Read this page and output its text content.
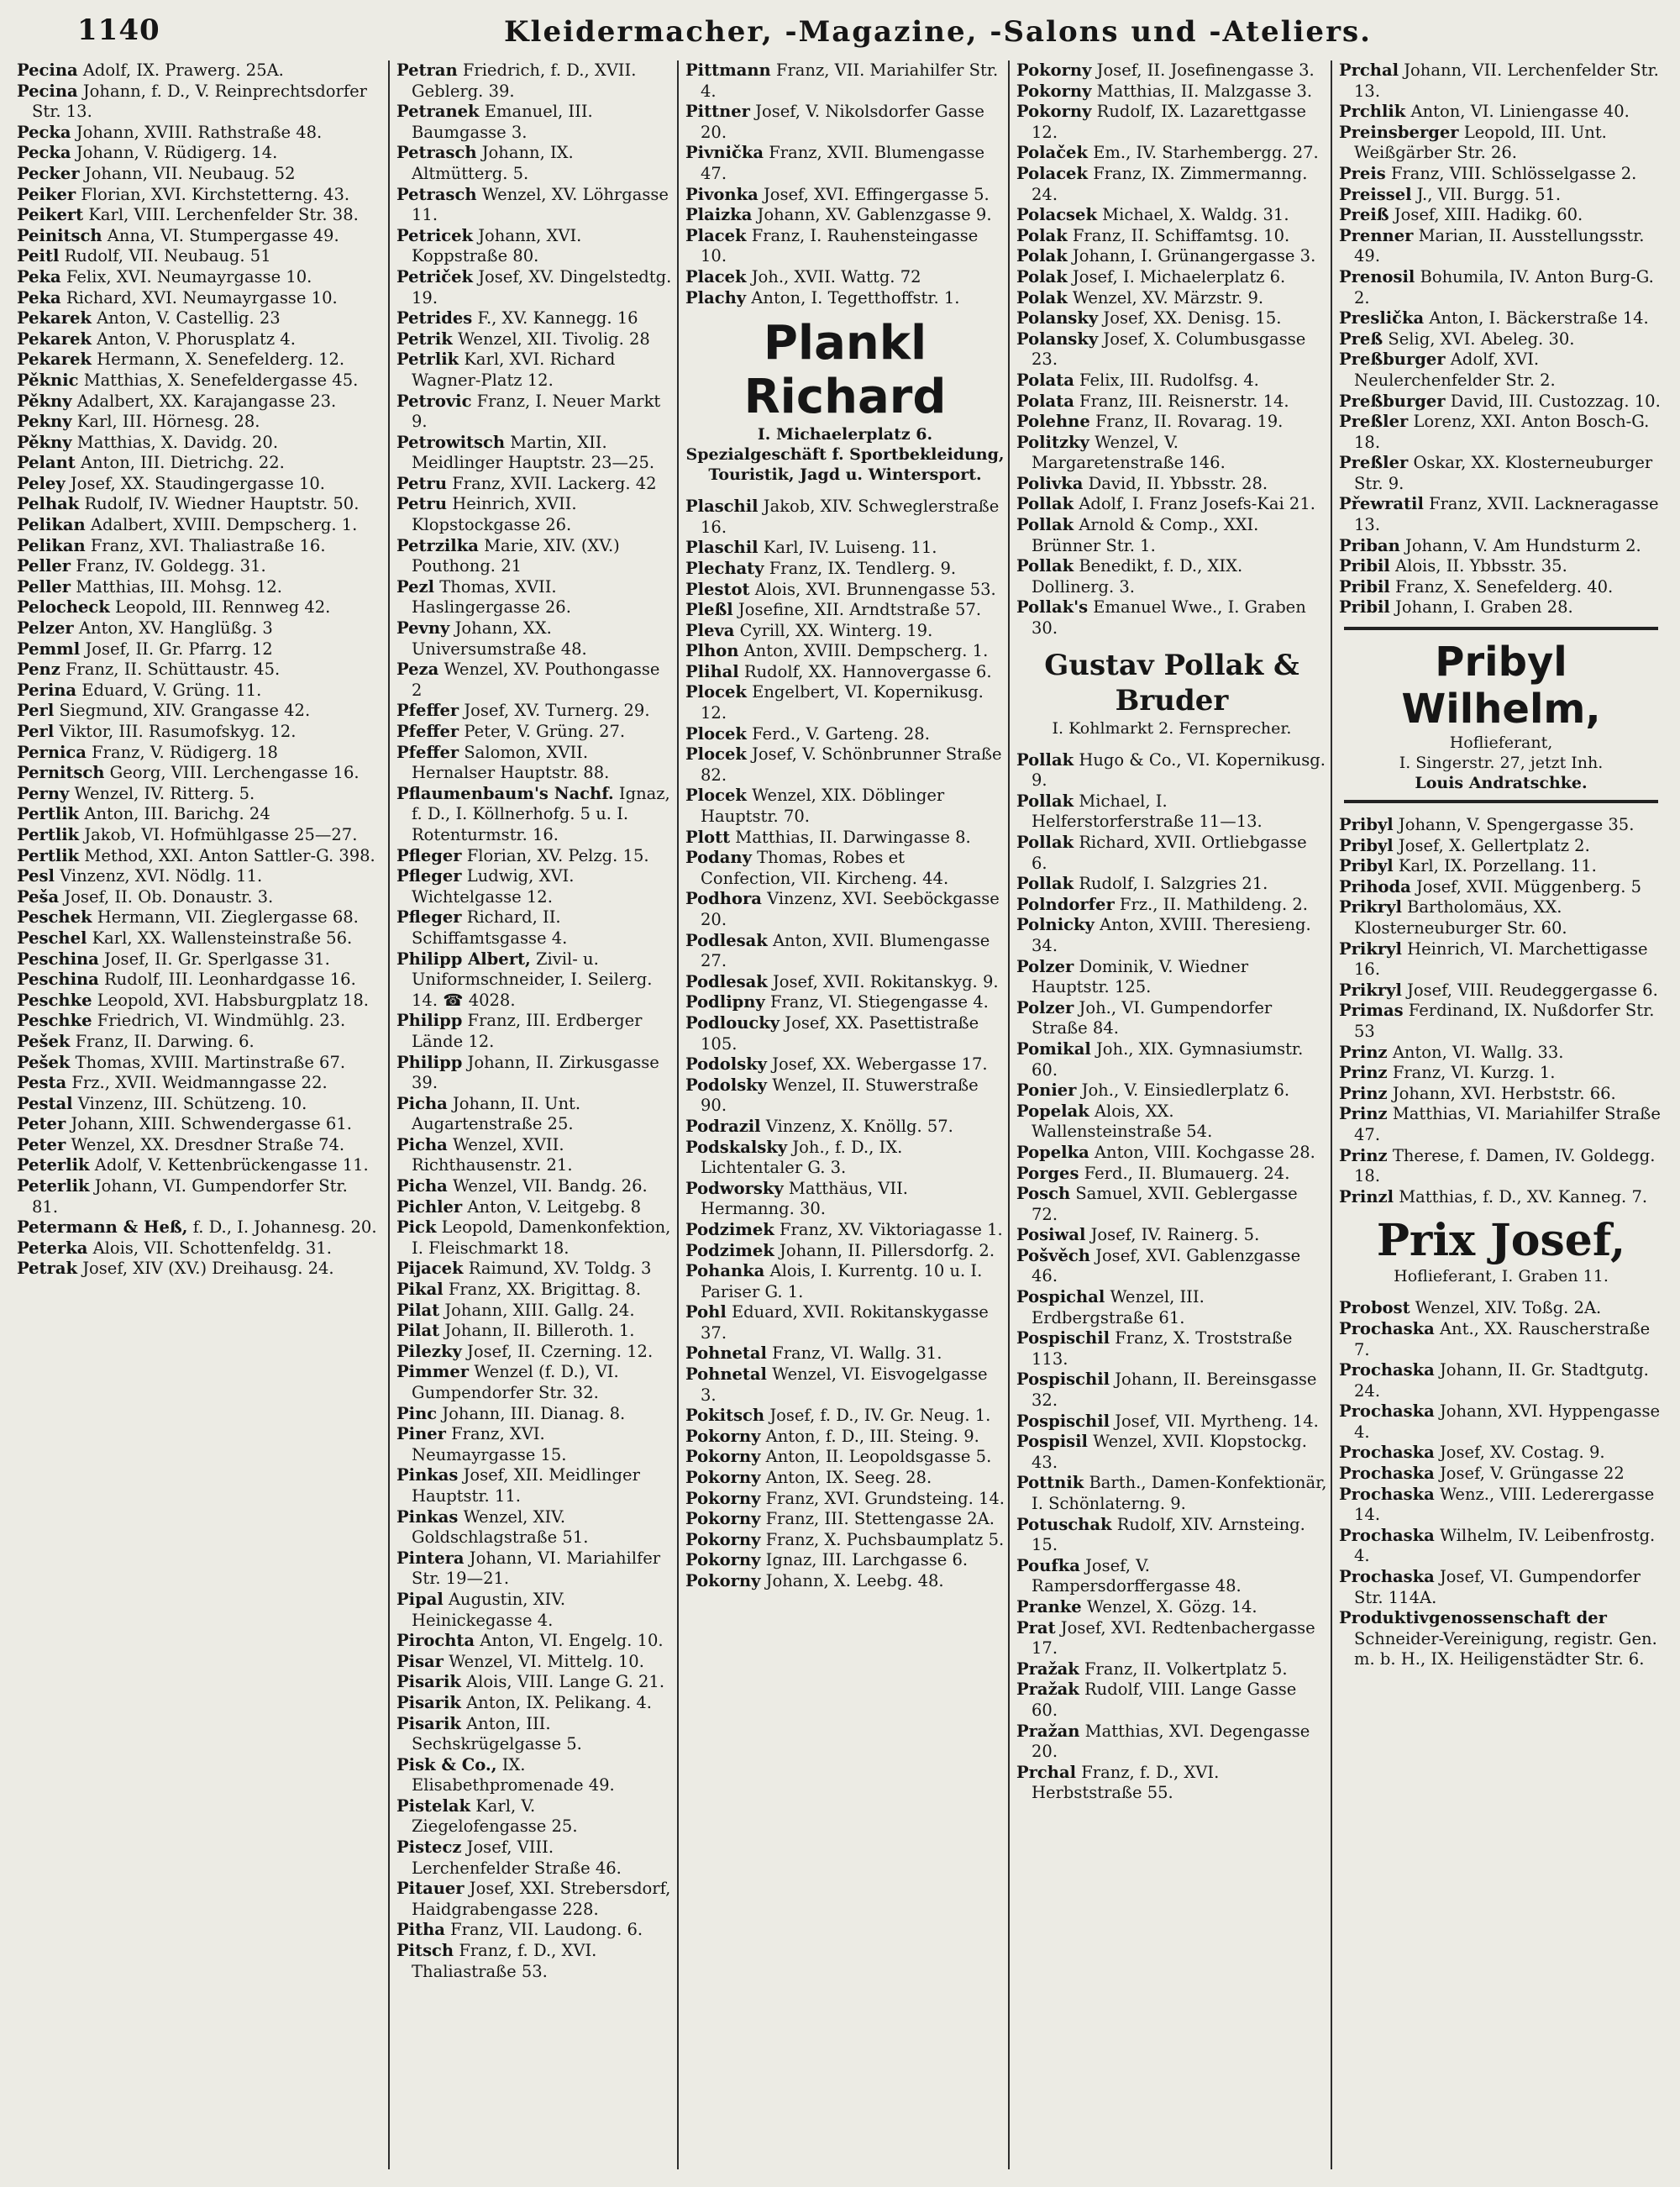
1140	Kleidermacher, -Magazine, -Salons und -Ateliers.

Pecina Adolf, IX. Prawerg. 25A.

Pecina Johann, f. D., V. Reinprechtsdorfer Str. 13.

Pecka Johann, XVIII. Rathstraße 48.

Pecka Johann, V. Rüdigerg. 14.

Pecker Johann, VII. Neubaug. 52

Peiker Florian, XVI. Kirchstetterng. 43.

Peikert Karl, VIII. Lerchenfelder Str. 38.

Peinitsch Anna, VI. Stumpergasse 49.

Peitl Rudolf, VII. Neubaug. 51

Peka Felix, XVI. Neumayrgasse 10.

Peka Richard, XVI. Neumayrgasse 10.

Pekarek Anton, V. Castellig. 23

Pekarek Anton, V. Phorusplatz 4.

Pekarek Hermann, X. Senefelderg. 12.

Pěknic Matthias, X. Senefeldergasse 45.

Pěkny Adalbert, XX. Karajangasse 23.

Pekny Karl, III. Hörnesg. 28.

Pěkny Matthias, X. Davidg. 20.

Pelant Anton, III. Dietrichg. 22.

Peley Josef, XX. Staudingergasse 10.

Pelhak Rudolf, IV. Wiedner Hauptstr. 50.

Pelikan Adalbert, XVIII. Dempscherg. 1.

Pelikan Franz, XVI. Thaliastraße 16.

Peller Franz, IV. Goldegg. 31.

Peller Matthias, III. Mohsg. 12.

Pelocheck Leopold, III. Rennweg 42.

Pelzer Anton, XV. Hanglüßg. 3

Pemml Josef, II. Gr. Pfarrg. 12

Penz Franz, II. Schüttaustr. 45.

Perina Eduard, V. Grüng. 11.

Perl Siegmund, XIV. Grangasse 42.

Perl Viktor, III. Rasumofskyg. 12.

Pernica Franz, V. Rüdigerg. 18

Pernitsch Georg, VIII. Lerchengasse 16.

Perny Wenzel, IV. Ritterg. 5.

Pertlik Anton, III. Barichg. 24

Pertlik Jakob, VI. Hofmühlgasse 25—27.

Pertlik Method, XXI. Anton Sattler-G. 398.

Pesl Vinzenz, XVI. Nödlg. 11.

Peša Josef, II. Ob. Donaustr. 3.

Peschek Hermann, VII. Zieglergasse 68.

Peschel Karl, XX. Wallensteinstraße 56.

Peschina Josef, II. Gr. Sperlgasse 31.

Peschina Rudolf, III. Leonhardgasse 16.

Peschke Leopold, XVI. Habsburgplatz 18.

Peschke Friedrich, VI. Windmühlg. 23.

Pešek Franz, II. Darwing. 6.

Pešek Thomas, XVIII. Martinstraße 67.

Pesta Frz., XVII. Weidmanngasse 22.

Pestal Vinzenz, III. Schützeng. 10.

Peter Johann, XIII. Schwendergasse 61.

Peter Wenzel, XX. Dresdner Straße 74.

Peterlik Adolf, V. Kettenbrückengasse 11.

Peterlik Johann, VI. Gumpendorfer Str. 81.

Petermann & Heß, f. D., I. Johannesg. 20.

Peterka Alois, VII. Schottenfeldg. 31.

Petrak Josef, XIV (XV.) Dreihausg. 24.

Petran Friedrich, f. D., XVII. Geblerg. 39.

Petranek Emanuel, III. Baumgasse 3.

Petrasch Johann, IX. Altmütterg. 5.

Petrasch Wenzel, XV. Löhrgasse 11.

Petricek Johann, XVI. Koppstraße 80.

Petriček Josef, XV. Dingelstedtg. 19.

Petrides F., XV. Kannegg. 16

Petrik Wenzel, XII. Tivolig. 28

Petrlik Karl, XVI. Richard Wagner-Platz 12.

Petrovic Franz, I. Neuer Markt 9.

Petrowitsch Martin, XII. Meidlinger Hauptstr. 23—25.

Petru Franz, XVII. Lackerg. 42

Petru Heinrich, XVII. Klopstockgasse 26.

Petrzilka Marie, XIV. (XV.) Pouthong. 21

Pezl Thomas, XVII. Haslingergasse 26.

Pevny Johann, XX. Universumstraße 48.

Peza Wenzel, XV. Pouthongasse 2

Pfeffer Josef, XV. Turnerg. 29.

Pfeffer Peter, V. Grüng. 27.

Pfeffer Salomon, XVII. Hernalser Hauptstr. 88.

Pflaumenbaum's Nachf. Ignaz, f. D., I. Köllnerhofg. 5 u. I. Rotenturmstr. 16.

Pfleger Florian, XV. Pelzg. 15.

Pfleger Ludwig, XVI. Wichtelgasse 12.

Pfleger Richard, II. Schiffamtsgasse 4.

Philipp Albert, Zivil- u. Uniformschneider, I. Seilerg. 14. ☎ 4028.

Philipp Franz, III. Erdberger Lände 12.

Philipp Johann, II. Zirkusgasse 39.

Picha Johann, II. Unt. Augartenstraße 25.

Picha Wenzel, XVII. Richthausenstr. 21.

Picha Wenzel, VII. Bandg. 26.

Pichler Anton, V. Leitgebg. 8

Pick Leopold, Damenkonfektion, I. Fleischmarkt 18.

Pijacek Raimund, XV. Toldg. 3

Pikal Franz, XX. Brigittag. 8.

Pilat Johann, XIII. Gallg. 24.

Pilat Johann, II. Billeroth. 1.

Pilezky Josef, II. Czerning. 12.

Pimmer Wenzel (f. D.), VI. Gumpendorfer Str. 32.

Pinc Johann, III. Dianag. 8.

Piner Franz, XVI. Neumayrgasse 15.

Pinkas Josef, XII. Meidlinger Hauptstr. 11.

Pinkas Wenzel, XIV. Goldschlagstraße 51.

Pintera Johann, VI. Mariahilfer Str. 19—21.

Pipal Augustin, XIV. Heinickegasse 4.

Pirochta Anton, VI. Engelg. 10.

Pisar Wenzel, VI. Mittelg. 10.

Pisarik Alois, VIII. Lange G. 21.

Pisarik Anton, IX. Pelikang. 4.

Pisarik Anton, III. Sechskrügelgasse 5.

Pisk & Co., IX. Elisabethpromenade 49.

Pistelak Karl, V. Ziegelofengasse 25.

Pistecz Josef, VIII. Lerchenfelder Straße 46.

Pitauer Josef, XXI. Strebersdorf, Haidgrabengasse 228.

Pitha Franz, VII. Laudong. 6.

Pitsch Franz, f. D., XVI. Thaliastraße 53.

Pittmann Franz, VII. Mariahilfer Str. 4.

Pittner Josef, V. Nikolsdorfer Gasse 20.

Pivnička Franz, XVII. Blumengasse 47.

Pivonka Josef, XVI. Effingergasse 5.

Plaizka Johann, XV. Gablenzgasse 9.

Placek Franz, I. Rauhensteingasse 10.

Placek Joh., XVII. Wattg. 72

Plachy Anton, I. Tegetthoffstr. 1.

Plankl Richard
I. Michaelerplatz 6.
Spezialgeschäft f. Sportbekleidung, Touristik, Jagd u. Wintersport.

Plaschil Jakob, XIV. Schweglerstraße 16.

Plaschil Karl, IV. Luiseng. 11.

Plechaty Franz, IX. Tendlerg. 9.

Plestot Alois, XVI. Brunnengasse 53.

Pleßl Josefine, XII. Arndtstraße 57.

Pleva Cyrill, XX. Winterg. 19.

Plhon Anton, XVIII. Dempscherg. 1.

Plihal Rudolf, XX. Hannovergasse 6.

Plocek Engelbert, VI. Kopernikusg. 12.

Plocek Ferd., V. Garteng. 28.

Plocek Josef, V. Schönbrunner Straße 82.

Plocek Wenzel, XIX. Döblinger Hauptstr. 70.

Plott Matthias, II. Darwingasse 8.

Podany Thomas, Robes et Confection, VII. Kircheng. 44.

Podhora Vinzenz, XVI. Seeböckgasse 20.

Podlesak Anton, XVII. Blumengasse 27.

Podlesak Josef, XVII. Rokitanskyg. 9.

Podlipny Franz, VI. Stiegengasse 4.

Podloucky Josef, XX. Pasettistraße 105.

Podolsky Josef, XX. Webergasse 17.

Podolsky Wenzel, II. Stuwerstraße 90.

Podrazil Vinzenz, X. Knöllg. 57.

Podskalsky Joh., f. D., IX. Lichtentaler G. 3.

Podworsky Matthäus, VII. Hermanng. 30.

Podzimek Franz, XV. Viktoriagasse 1.

Podzimek Johann, II. Pillersdorfg. 2.

Pohanka Alois, I. Kurrentg. 10 u. I. Pariser G. 1.

Pohl Eduard, XVII. Rokitanskygasse 37.

Pohnetal Franz, VI. Wallg. 31.

Pohnetal Wenzel, VI. Eisvogelgasse 3.

Pokitsch Josef, f. D., IV. Gr. Neug. 1.

Pokorny Anton, f. D., III. Steing. 9.

Pokorny Anton, II. Leopoldsgasse 5.

Pokorny Anton, IX. Seeg. 28.

Pokorny Franz, XVI. Grundsteing. 14.

Pokorny Franz, III. Stettengasse 2A.

Pokorny Franz, X. Puchsbaumplatz 5.

Pokorny Ignaz, III. Larchgasse 6.

Pokorny Johann, X. Leebg. 48.

Pokorny Josef, II. Josefinengasse 3.

Pokorny Matthias, II. Malzgasse 3.

Pokorny Rudolf, IX. Lazarettgasse 12.

Polaček Em., IV. Starhembergg. 27.

Polacek Franz, IX. Zimmermanng. 24.

Polacsek Michael, X. Waldg. 31.

Polak Franz, II. Schiffamtsg. 10.

Polak Johann, I. Grünangergasse 3.

Polak Josef, I. Michaelerplatz 6.

Polak Wenzel, XV. Märzstr. 9.

Polansky Josef, XX. Denisg. 15.

Polansky Josef, X. Columbusgasse 23.

Polata Felix, III. Rudolfsg. 4.

Polata Franz, III. Reisnerstr. 14.

Polehne Franz, II. Rovarag. 19.

Politzky Wenzel, V. Margaretenstraße 146.

Polivka David, II. Ybbsstr. 28.

Pollak Adolf, I. Franz Josefs-Kai 21.

Pollak Arnold & Comp., XXI. Brünner Str. 1.

Pollak Benedikt, f. D., XIX. Dollinerg. 3.

Pollak's Emanuel Wwe., I. Graben 30.

Gustav Pollak & Bruder
I. Kohlmarkt 2. Fernsprecher.

Pollak Hugo & Co., VI. Kopernikusg. 9.

Pollak Michael, I. Helferstorferstraße 11—13.

Pollak Richard, XVII. Ortliebgasse 6.

Pollak Rudolf, I. Salzgries 21.

Polndorfer Frz., II. Mathildeng. 2.

Polnicky Anton, XVIII. Theresieng. 34.

Polzer Dominik, V. Wiedner Hauptstr. 125.

Polzer Joh., VI. Gumpendorfer Straße 84.

Pomikal Joh., XIX. Gymnasiumstr. 60.

Ponier Joh., V. Einsiedlerplatz 6.

Popelak Alois, XX. Wallensteinstraße 54.

Popelka Anton, VIII. Kochgasse 28.

Porges Ferd., II. Blumauerg. 24.

Posch Samuel, XVII. Geblergasse 72.

Posiwal Josef, IV. Rainerg. 5.

Pošvěch Josef, XVI. Gablenzgasse 46.

Pospichal Wenzel, III. Erdbergstraße 61.

Pospischil Franz, X. Troststraße 113.

Pospischil Johann, II. Bereinsgasse 32.

Pospischil Josef, VII. Myrtheng. 14.

Pospisil Wenzel, XVII. Klopstockg. 43.

Pottnik Barth., Damen-Konfektionär, I. Schönlaterng. 9.

Potuschak Rudolf, XIV. Arnsteing. 15.

Poufka Josef, V. Rampersdorffergasse 48.

Pranke Wenzel, X. Gözg. 14.

Prat Josef, XVI. Redtenbachergasse 17.

Pražak Franz, II. Volkertplatz 5.

Pražak Rudolf, VIII. Lange Gasse 60.

Pražan Matthias, XVI. Degengasse 20.

Prchal Franz, f. D., XVI. Herbststraße 55.

Prchal Johann, VII. Lerchenfelder Str. 13.

Prchlik Anton, VI. Liniengasse 40.

Preinsberger Leopold, III. Unt. Weißgärber Str. 26.

Preis Franz, VIII. Schlösselgasse 2.

Preissel J., VII. Burgg. 51.

Preiß Josef, XIII. Hadikg. 60.

Prenner Marian, II. Ausstellungsstr. 49.

Prenosil Bohumila, IV. Anton Burg-G. 2.

Preslička Anton, I. Bäckerstraße 14.

Preß Selig, XVI. Abeleg. 30.

Preßburger Adolf, XVI. Neulerchenfelder Str. 2.

Preßburger David, III. Custozzag. 10.

Preßler Lorenz, XXI. Anton Bosch-G. 18.

Preßler Oskar, XX. Klosterneuburger Str. 9.

Přewratil Franz, XVII. Lackneragasse 13.

Priban Johann, V. Am Hundsturm 2.

Pribil Alois, II. Ybbsstr. 35.

Pribil Franz, X. Senefelderg. 40.

Pribil Johann, I. Graben 28.

Pribyl Wilhelm,
Hoflieferant,
I. Singerstr. 27, jetzt Inh.
Louis Andratschke.

Pribyl Johann, V. Spengergasse 35.

Pribyl Josef, X. Gellertplatz 2.

Pribyl Karl, IX. Porzellang. 11.

Prihoda Josef, XVII. Müggenberg. 5

Prikryl Bartholomäus, XX. Klosterneuburger Str. 60.

Prikryl Heinrich, VI. Marchettigasse 16.

Prikryl Josef, VIII. Reudeggergasse 6.

Primas Ferdinand, IX. Nußdorfer Str. 53

Prinz Anton, VI. Wallg. 33.

Prinz Franz, VI. Kurzg. 1.

Prinz Johann, XVI. Herbststr. 66.

Prinz Matthias, VI. Mariahilfer Straße 47.

Prinz Therese, f. Damen, IV. Goldegg. 18.

Prinzl Matthias, f. D., XV. Kanneg. 7.

Prix Josef,
Hoflieferant, I. Graben 11.

Probost Wenzel, XIV. Toßg. 2A.

Prochaska Ant., XX. Rauscherstraße 7.

Prochaska Johann, II. Gr. Stadtgutg. 24.

Prochaska Johann, XVI. Hyppengasse 4.

Prochaska Josef, XV. Costag. 9.

Prochaska Josef, V. Grüngasse 22

Prochaska Wenz., VIII. Lederergasse 14.

Prochaska Wilhelm, IV. Leibenfrostg. 4.

Prochaska Josef, VI. Gumpendorfer Str. 114A.

Produktivgenossenschaft der Schneider-Vereinigung, registr. Gen. m. b. H., IX. Heiligenstädter Str. 6.
